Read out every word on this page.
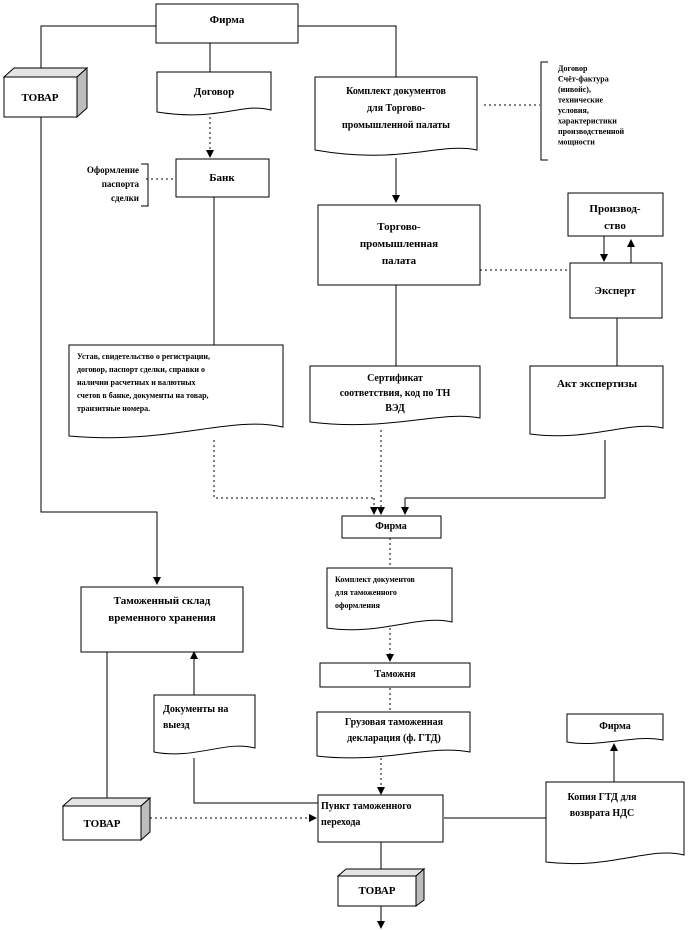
Фирма
ТОВАР	Договор	Комплект документов для Торгово-промышленной палаты
Договор Счёт-фактура (инвойс), технические условия, характеристики производственной мощности
Оформление паспорта сделки
Банк
Торгово-промышленная палата
Производ-ство
Эксперт
Устав, свидетельство о регистрации, договор, паспорт сделки, справки о наличии расчетных и валютных счетов в банке, документы на товар, транзитные номера.
Сертификат соответствия, код по ТН ВЭД
Акт экспертизы
Фирма
Комплект документов для таможенного оформления
Таможенный склад временного хранения
Таможня
Документы на выезд	Грузовая таможенная декларация (ф. ГТД)
Фирма
ТОВАР
Пункт таможенного перехода
Копия ГТД для возврата НДС
ТОВАР
